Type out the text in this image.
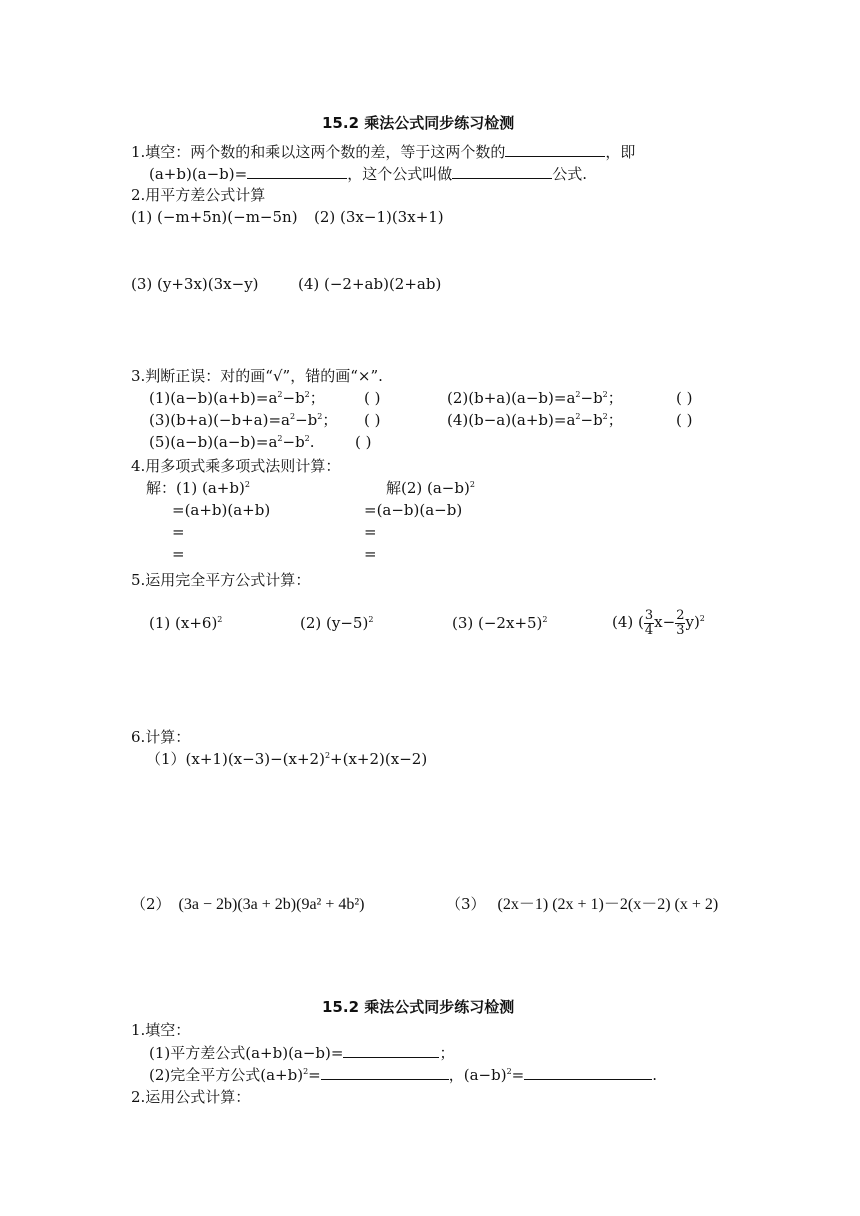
15.2 乘法公式同步练习检测
1.填空：两个数的和乘以这两个数的差，等于这两个数的	，即
(a+b)(a−b)=	，这个公式叫做	公式.
2.用平方差公式计算
(1) (−m+5n)(−m−5n) (2) (3x−1)(3x+1)
(3) (y+3x)(3x−y)	(4) (−2+ab)(2+ab)
3.判断正误：对的画“√”，错的画“×”.
$(1)(a-b)(a+b)=a^2-b^2$；	( )	$(2)(b+a)(a-b)=a^2-b^2$；	( )
$(3)(b+a)(-b+a)=a^2-b^2$； ( )	$(4)(b-a)(a+b)=a^2-b^2$；	( )
$(5)(a-b)(a-b)=a^2-b^2$.	( )
4.用多项式乘多项式法则计算：
解：(1) $(a+b)^2$	解(2) $(a-b)^2$
=(a+b)(a+b)	=(a−b)(a−b)
=	=
=	=
5.运用完全平方公式计算：
(1) $(x+6)^2$	(2) $(y-5)^2$	(3) $(-2x+5)^2$	(4) ( $\frac{3}{4} x- \frac{2}{3} y)^2$
6.计算：
$(1)(x+1)(x-3)-(x+2)^2+(x+2)(x-2)$
（2） (3a − 2b)(3a + 2b)(9a² + 4b²)	（3） (2x－1) (2x + 1)－2(x－2) (x + 2)
15.2 乘法公式同步练习检测
1.填空：
(1)平方差公式(a+b)(a−b)=	；
(2)完全平方公式$(a+b)^2=$	，$(a-b)^2=$	.
2.运用公式计算：
